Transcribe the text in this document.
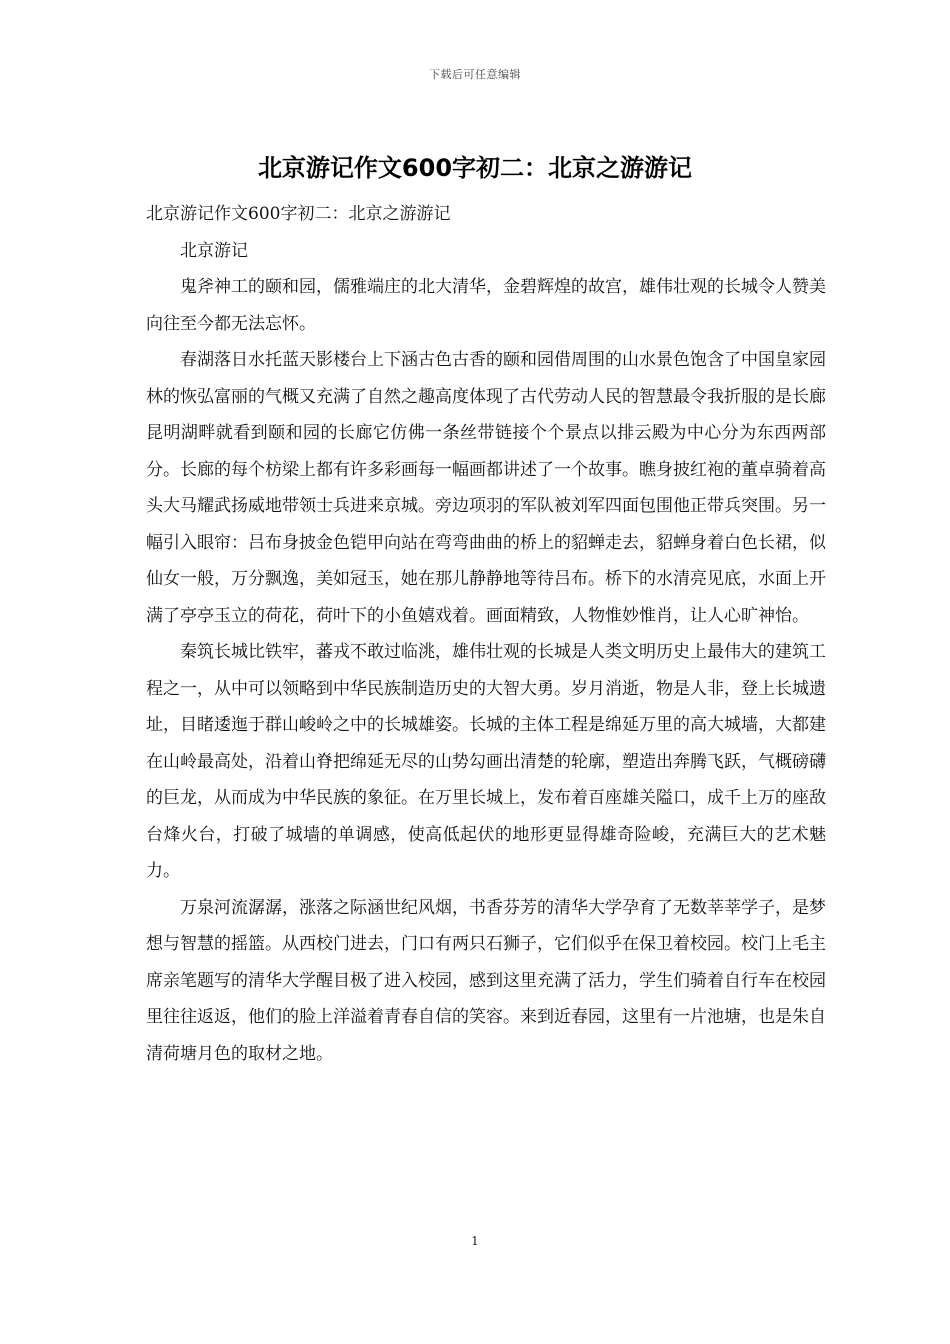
下载后可任意编辑
北京游记作文600字初二：北京之游游记

北京游记作文600字初二：北京之游游记

北京游记

鬼斧神工的颐和园，儒雅端庄的北大清华，金碧辉煌的故宫，雄伟壮观的长城令人赞美向往至今都无法忘怀。

春湖落日水托蓝天影楼台上下涵古色古香的颐和园借周围的山水景色饱含了中国皇家园林的恢弘富丽的气概又充满了自然之趣高度体现了古代劳动人民的智慧最令我折服的是长廊昆明湖畔就看到颐和园的长廊它仿佛一条丝带链接个个景点以排云殿为中心分为东西两部分。长廊的每个枋梁上都有许多彩画每一幅画都讲述了一个故事。瞧身披红袍的董卓骑着高头大马耀武扬威地带领士兵进来京城。旁边项羽的军队被刘军四面包围他正带兵突围。另一幅引入眼帘：吕布身披金色铠甲向站在弯弯曲曲的桥上的貂蝉走去，貂蝉身着白色长裙，似仙女一般，万分飘逸，美如冠玉，她在那儿静静地等待吕布。桥下的水清亮见底，水面上开满了亭亭玉立的荷花，荷叶下的小鱼嬉戏着。画面精致，人物惟妙惟肖，让人心旷神怡。

秦筑长城比铁牢，蕃戎不敢过临洮，雄伟壮观的长城是人类文明历史上最伟大的建筑工程之一，从中可以领略到中华民族制造历史的大智大勇。岁月消逝，物是人非，登上长城遗址，目睹逶迤于群山峻岭之中的长城雄姿。长城的主体工程是绵延万里的高大城墙，大都建在山岭最高处，沿着山脊把绵延无尽的山势勾画出清楚的轮廓，塑造出奔腾飞跃，气概磅礴的巨龙，从而成为中华民族的象征。在万里长城上，发布着百座雄关隘口，成千上万的座敌台烽火台，打破了城墙的单调感，使高低起伏的地形更显得雄奇险峻，充满巨大的艺术魅力。

万泉河流潺潺，涨落之际涵世纪风烟，书香芬芳的清华大学孕育了无数莘莘学子，是梦想与智慧的摇篮。从西校门进去，门口有两只石狮子，它们似乎在保卫着校园。校门上毛主席亲笔题写的清华大学醒目极了进入校园，感到这里充满了活力，学生们骑着自行车在校园里往往返返，他们的脸上洋溢着青春自信的笑容。来到近春园，这里有一片池塘，也是朱自清荷塘月色的取材之地。

1
